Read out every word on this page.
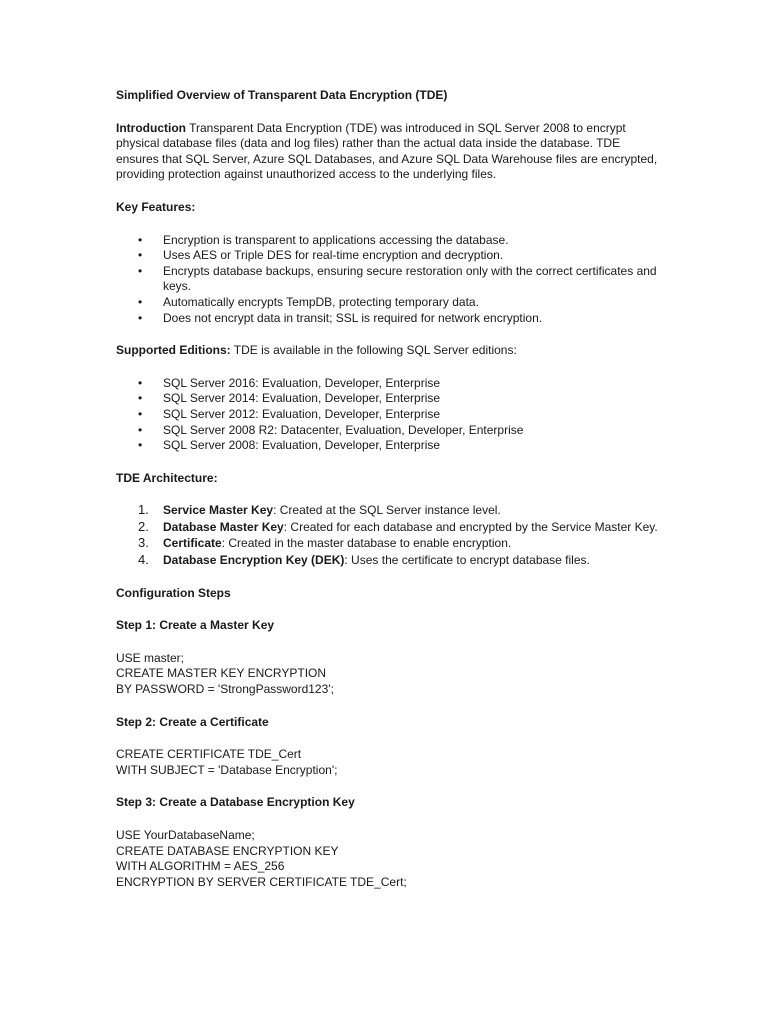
Simplified Overview of Transparent Data Encryption (TDE)

Introduction Transparent Data Encryption (TDE) was introduced in SQL Server 2008 to encrypt physical database files (data and log files) rather than the actual data inside the database. TDE ensures that SQL Server, Azure SQL Databases, and Azure SQL Data Warehouse files are encrypted, providing protection against unauthorized access to the underlying files.

Key Features:

• Encryption is transparent to applications accessing the database.
• Uses AES or Triple DES for real-time encryption and decryption.
• Encrypts database backups, ensuring secure restoration only with the correct certificates and keys.
• Automatically encrypts TempDB, protecting temporary data.
• Does not encrypt data in transit; SSL is required for network encryption.

Supported Editions: TDE is available in the following SQL Server editions:

• SQL Server 2016: Evaluation, Developer, Enterprise
• SQL Server 2014: Evaluation, Developer, Enterprise
• SQL Server 2012: Evaluation, Developer, Enterprise
• SQL Server 2008 R2: Datacenter, Evaluation, Developer, Enterprise
• SQL Server 2008: Evaluation, Developer, Enterprise

TDE Architecture:

1. Service Master Key: Created at the SQL Server instance level.
2. Database Master Key: Created for each database and encrypted by the Service Master Key.
3. Certificate: Created in the master database to enable encryption.
4. Database Encryption Key (DEK): Uses the certificate to encrypt database files.

Configuration Steps

Step 1: Create a Master Key

USE master;
CREATE MASTER KEY ENCRYPTION
BY PASSWORD = 'StrongPassword123';

Step 2: Create a Certificate

CREATE CERTIFICATE TDE_Cert
WITH SUBJECT = 'Database Encryption';

Step 3: Create a Database Encryption Key

USE YourDatabaseName;
CREATE DATABASE ENCRYPTION KEY
WITH ALGORITHM = AES_256
ENCRYPTION BY SERVER CERTIFICATE TDE_Cert;
